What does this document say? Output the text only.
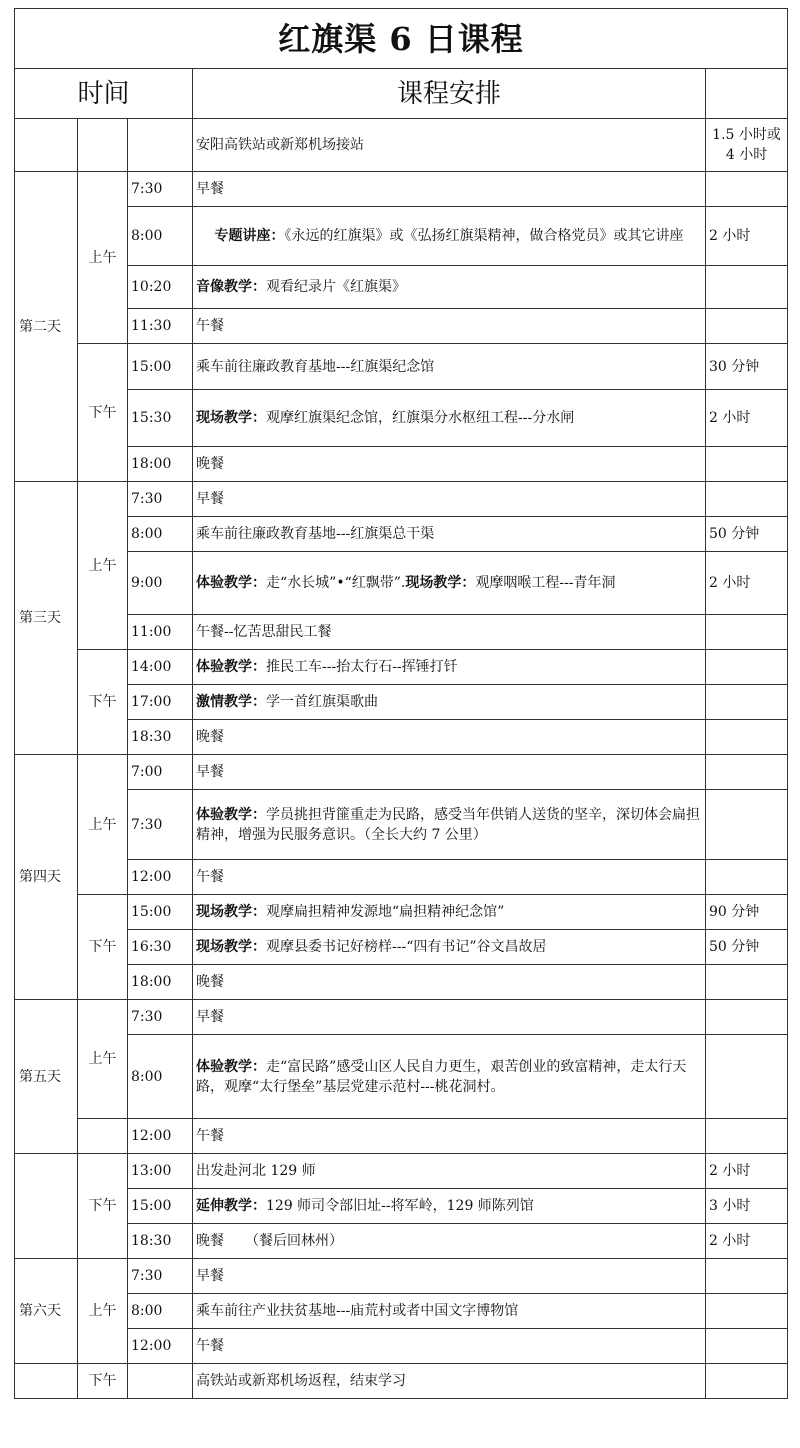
红旗渠 6 日课程				
时间			课程安排	
			安阳高铁站或新郑机场接站	1.5 小时或 4 小时
第二天	上午	7:30	早餐	
		8:00	专题讲座：《永远的红旗渠》或《弘扬红旗渠精神，做合格党员》或其它讲座	2 小时
		10:20	音像教学：观看纪录片《红旗渠》	
		11:30	午餐	
	下午	15:00	乘车前往廉政教育基地---红旗渠纪念馆	30 分钟
		15:30	现场教学：观摩红旗渠纪念馆，红旗渠分水枢纽工程---分水闸	2 小时
		18:00	晚餐	
第三天	上午	7:30	早餐	
		8:00	乘车前往廉政教育基地---红旗渠总干渠	50 分钟
		9:00	体验教学：走“水长城”•“红飘带”.现场教学：观摩咽喉工程---青年洞	2 小时
		11:00	午餐--忆苦思甜民工餐	
	下午	14:00	体验教学：推民工车---抬太行石--挥锤打钎	
		17:00	激情教学：学一首红旗渠歌曲	
		18:30	晚餐	
第四天	上午	7:00	早餐	
		7:30	体验教学：学员挑担背篚重走为民路，感受当年供销人送货的坚辛，深切体会扁担精神，增强为民服务意识。（全长大约 7 公里）	
		12:00	午餐	
	下午	15:00	现场教学：观摩扁担精神发源地“扁担精神纪念馆”	90 分钟
		16:30	现场教学：观摩县委书记好榜样---“四有书记”谷文昌故居	50 分钟
		18:00	晚餐	
第五天	上午	7:30	早餐	
		8:00	体验教学：走“富民路”感受山区人民自力更生，艰苦创业的致富精神，走太行天路，观摩“太行堡垒”基层党建示范村---桃花洞村。	
		12:00	午餐	
	下午	13:00	出发赴河北 129 师	2 小时
		15:00	延伸教学：129 师司令部旧址--将军岭，129 师陈列馆	3 小时
		18:30	晚餐　　（餐后回林州）	2 小时
第六天	上午	7:30	早餐	
		8:00	乘车前往产业扶贫基地---庙荒村或者中国文字博物馆	
		12:00	午餐	
	下午		高铁站或新郑机场返程，结束学习	
